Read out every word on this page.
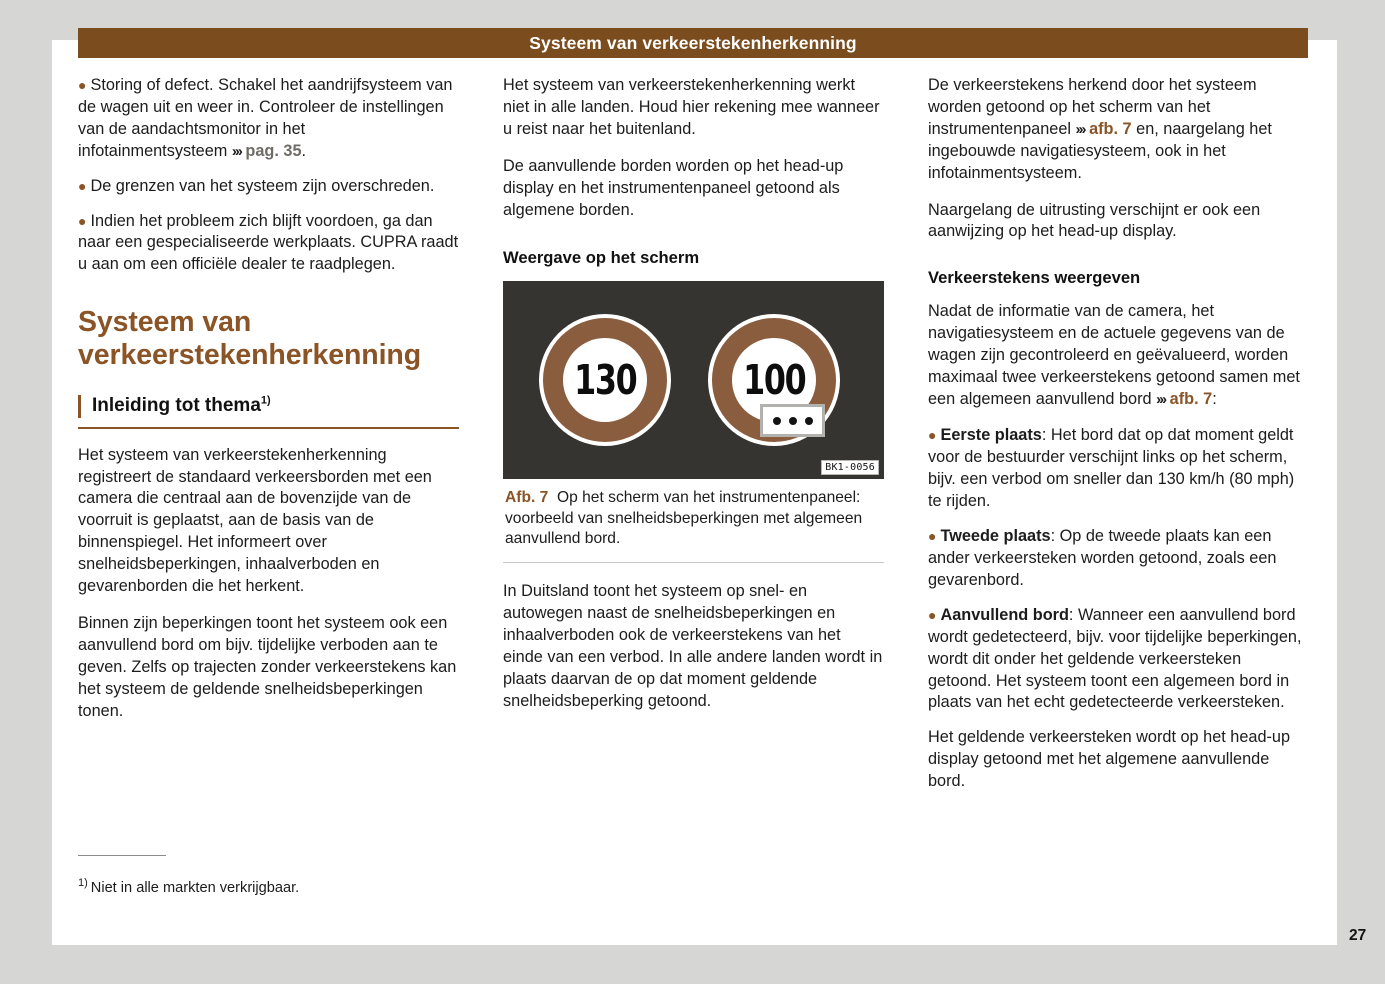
Systeem van verkeerstekenherkenning
● Storing of defect. Schakel het aandrijfsysteem van de wagen uit en weer in. Controleer de instellingen van de aandachtsmonitor in het infotainmentsysteem ››› pag. 35.
● De grenzen van het systeem zijn overschreden.
● Indien het probleem zich blijft voordoen, ga dan naar een gespecialiseerde werkplaats. CUPRA raadt u aan om een officiële dealer te raadplegen.
Systeem van verkeerstekenherkenning
Inleiding tot thema$^{1)}$

Het systeem van verkeerstekenherkenning registreert de standaard verkeersborden met een camera die centraal aan de bovenzijde van de voorruit is geplaatst, aan de basis van de binnenspiegel. Het informeert over snelheidsbeperkingen, inhaalverboden en gevarenborden die het herkent.

Binnen zijn beperkingen toont het systeem ook een aanvullend bord om bijv. tijdelijke verboden aan te geven. Zelfs op trajecten zonder verkeerstekens kan het systeem de geldende snelheidsbeperkingen tonen.

Het systeem van verkeerstekenherkenning werkt niet in alle landen. Houd hier rekening mee wanneer u reist naar het buitenland.

De aanvullende borden worden op het head-up display en het instrumentenpaneel getoond als algemene borden.

Weergave op het scherm
130	100
BK1-0056
Afb. 7 Op het scherm van het instrumentenpaneel: voorbeeld van snelheidsbeperkingen met algemeen aanvullend bord.

In Duitsland toont het systeem op snel- en autowegen naast de snelheidsbeperkingen en inhaalverboden ook de verkeerstekens van het einde van een verbod. In alle andere landen wordt in plaats daarvan de op dat moment geldende snelheidsbeperking getoond.

De verkeerstekens herkend door het systeem worden getoond op het scherm van het instrumentenpaneel ››› afb. 7 en, naargelang het ingebouwde navigatiesysteem, ook in het infotainmentsysteem.

Naargelang de uitrusting verschijnt er ook een aanwijzing op het head-up display.

Verkeerstekens weergeven

Nadat de informatie van de camera, het navigatiesysteem en de actuele gegevens van de wagen zijn gecontroleerd en geëvalueerd, worden maximaal twee verkeerstekens getoond samen met een algemeen aanvullend bord ››› afb. 7:

● Eerste plaats: Het bord dat op dat moment geldt voor de bestuurder verschijnt links op het scherm, bijv. een verbod om sneller dan 130 km/h (80 mph) te rijden.
● Tweede plaats: Op de tweede plaats kan een ander verkeersteken worden getoond, zoals een gevarenbord.
● Aanvullend bord: Wanneer een aanvullend bord wordt gedetecteerd, bijv. voor tijdelijke beperkingen, wordt dit onder het geldende verkeersteken getoond. Het systeem toont een algemeen bord in plaats van het echt gedetecteerde verkeersteken.

Het geldende verkeersteken wordt op het head-up display getoond met het algemene aanvullende bord.

$^{1)}$ Niet in alle markten verkrijgbaar.
27
